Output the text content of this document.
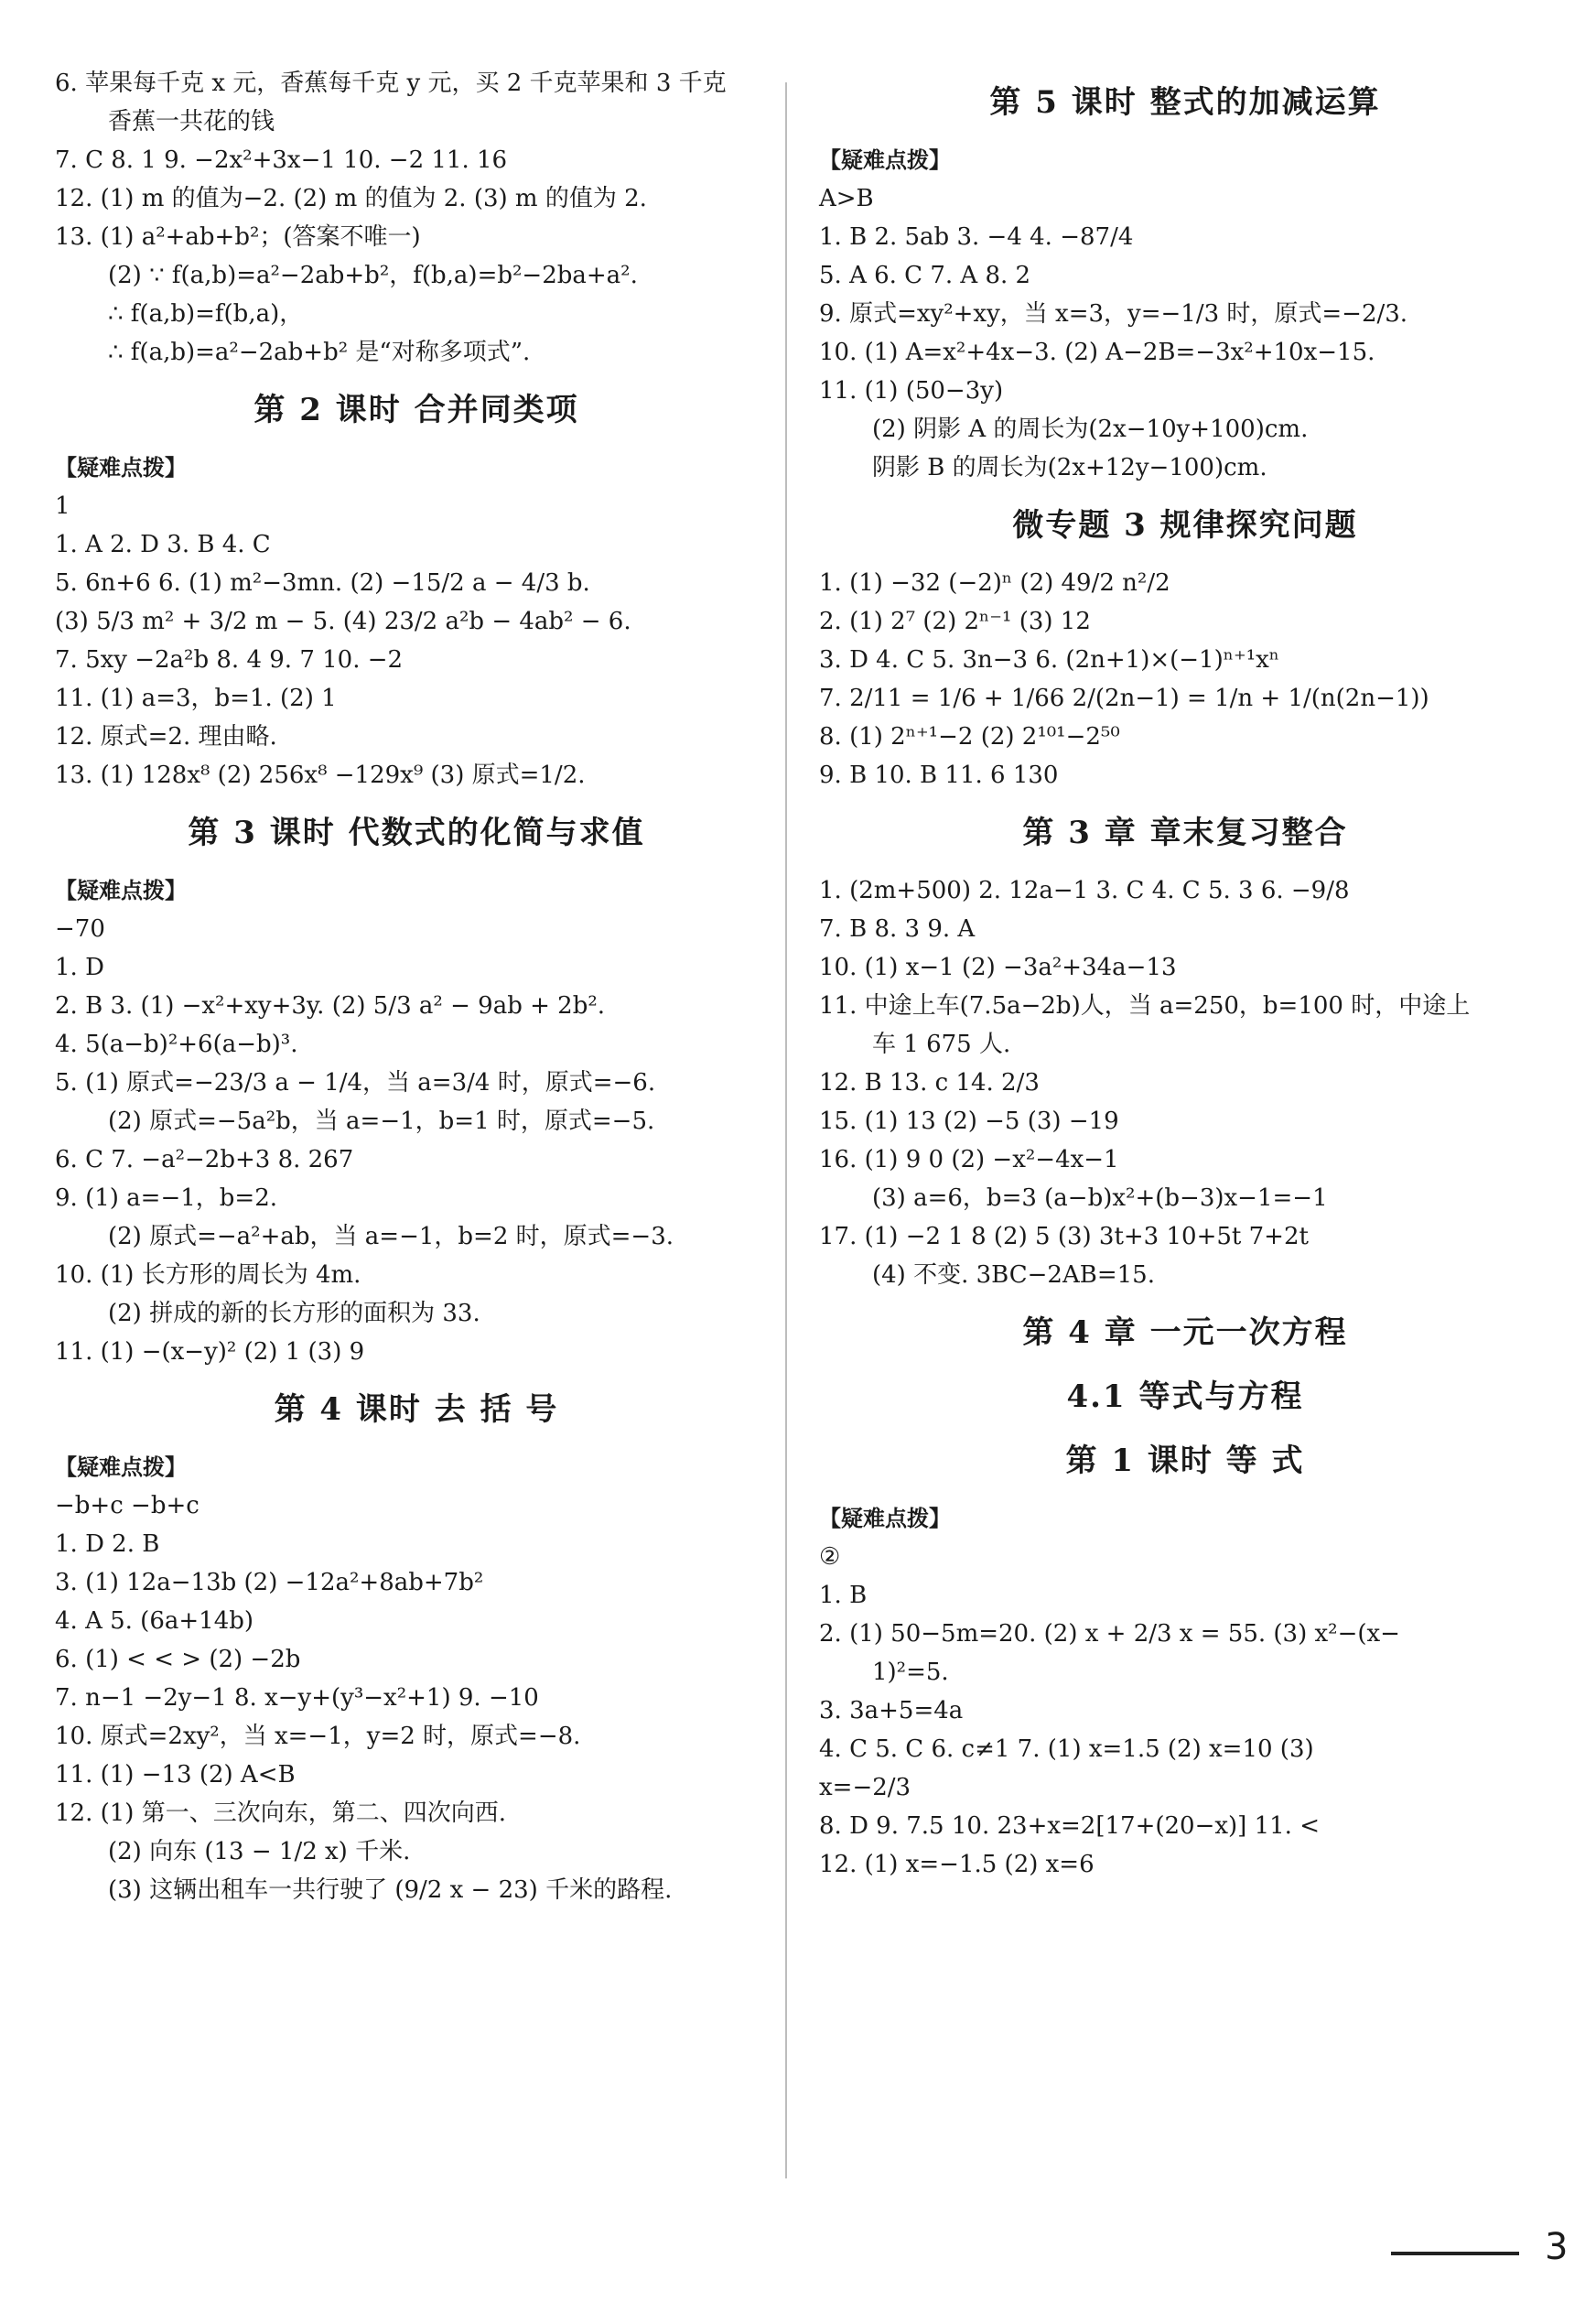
6. 苹果每千克 x 元，香蕉每千克 y 元，买 2 千克苹果和 3 千克
香蕉一共花的钱
7. C 8. 1 9. −2x²+3x−1 10. −2 11. 16
12. (1) m 的值为−2. (2) m 的值为 2. (3) m 的值为 2.
13. (1) a²+ab+b²；(答案不唯一)
(2) ∵ f(a,b)=a²−2ab+b²，f(b,a)=b²−2ba+a².
∴ f(a,b)=f(b,a)，
∴ f(a,b)=a²−2ab+b² 是“对称多项式”.
第 2 课时 合并同类项
【疑难点拨】
1
1. A 2. D 3. B 4. C
5. 6n+6 6. (1) m²−3mn. (2) −15/2 a − 4/3 b.
(3) 5/3 m² + 3/2 m − 5. (4) 23/2 a²b − 4ab² − 6.
7. 5xy −2a²b 8. 4 9. 7 10. −2
11. (1) a=3，b=1. (2) 1
12. 原式=2. 理由略.
13. (1) 128x⁸ (2) 256x⁸ −129x⁹ (3) 原式=1/2.
第 3 课时 代数式的化简与求值
【疑难点拨】
−70
1. D
2. B 3. (1) −x²+xy+3y. (2) 5/3 a² − 9ab + 2b².
4. 5(a−b)²+6(a−b)³.
5. (1) 原式=−23/3 a − 1/4，当 a=3/4 时，原式=−6.
(2) 原式=−5a²b，当 a=−1，b=1 时，原式=−5.
6. C 7. −a²−2b+3 8. 267
9. (1) a=−1，b=2.
(2) 原式=−a²+ab，当 a=−1，b=2 时，原式=−3.
10. (1) 长方形的周长为 4m.
(2) 拼成的新的长方形的面积为 33.
11. (1) −(x−y)² (2) 1 (3) 9
第 4 课时 去 括 号
【疑难点拨】
−b+c −b+c
1. D 2. B
3. (1) 12a−13b (2) −12a²+8ab+7b²
4. A 5. (6a+14b)
6. (1) < < > (2) −2b
7. n−1 −2y−1 8. x−y+(y³−x²+1) 9. −10
10. 原式=2xy²，当 x=−1，y=2 时，原式=−8.
11. (1) −13 (2) A<B
12. (1) 第一、三次向东，第二、四次向西.
(2) 向东 (13 − 1/2 x) 千米.
(3) 这辆出租车一共行驶了 (9/2 x − 23) 千米的路程.
第 5 课时 整式的加减运算
【疑难点拨】
A>B
1. B 2. 5ab 3. −4 4. −87/4
5. A 6. C 7. A 8. 2
9. 原式=xy²+xy，当 x=3，y=−1/3 时，原式=−2/3.
10. (1) A=x²+4x−3. (2) A−2B=−3x²+10x−15.
11. (1) (50−3y)
(2) 阴影 A 的周长为(2x−10y+100)cm.
阴影 B 的周长为(2x+12y−100)cm.
微专题 3 规律探究问题
1. (1) −32 (−2)ⁿ (2) 49/2 n²/2
2. (1) 2⁷ (2) 2ⁿ⁻¹ (3) 12
3. D 4. C 5. 3n−3 6. (2n+1)×(−1)ⁿ⁺¹xⁿ
7. 2/11 = 1/6 + 1/66 2/(2n−1) = 1/n + 1/(n(2n−1))
8. (1) 2ⁿ⁺¹−2 (2) 2¹⁰¹−2⁵⁰
9. B 10. B 11. 6 130
第 3 章 章末复习整合
1. (2m+500) 2. 12a−1 3. C 4. C 5. 3 6. −9/8
7. B 8. 3 9. A
10. (1) x−1 (2) −3a²+34a−13
11. 中途上车(7.5a−2b)人，当 a=250，b=100 时，中途上
车 1 675 人.
12. B 13. c 14. 2/3
15. (1) 13 (2) −5 (3) −19
16. (1) 9 0 (2) −x²−4x−1
(3) a=6，b=3 (a−b)x²+(b−3)x−1=−1
17. (1) −2 1 8 (2) 5 (3) 3t+3 10+5t 7+2t
(4) 不变. 3BC−2AB=15.
第 4 章 一元一次方程
4.1 等式与方程
第 1 课时 等 式
【疑难点拨】
②
1. B
2. (1) 50−5m=20. (2) x + 2/3 x = 55. (3) x²−(x−
1)²=5.
3. 3a+5=4a
4. C 5. C 6. c≠1 7. (1) x=1.5 (2) x=10 (3)
x=−2/3
8. D 9. 7.5 10. 23+x=2[17+(20−x)] 11. <
12. (1) x=−1.5 (2) x=6
3
